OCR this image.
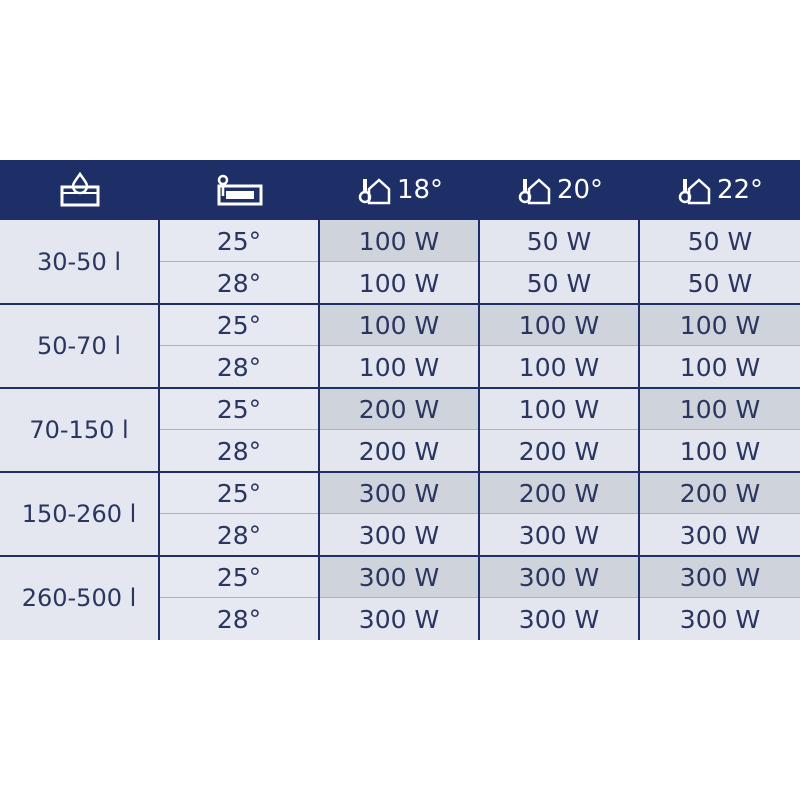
18°	20°	22°
30-50 l
25°	100 W	50 W	50 W
28°	100 W	50 W	50 W
50-70 l
25°	100 W	100 W	100 W
28°	100 W	100 W	100 W
70-150 l
25°	200 W	100 W	100 W
28°	200 W	200 W	100 W
150-260 l
25°	300 W	200 W	200 W
28°	300 W	300 W	300 W
260-500 l
25°	300 W	300 W	300 W
28°	300 W	300 W	300 W
